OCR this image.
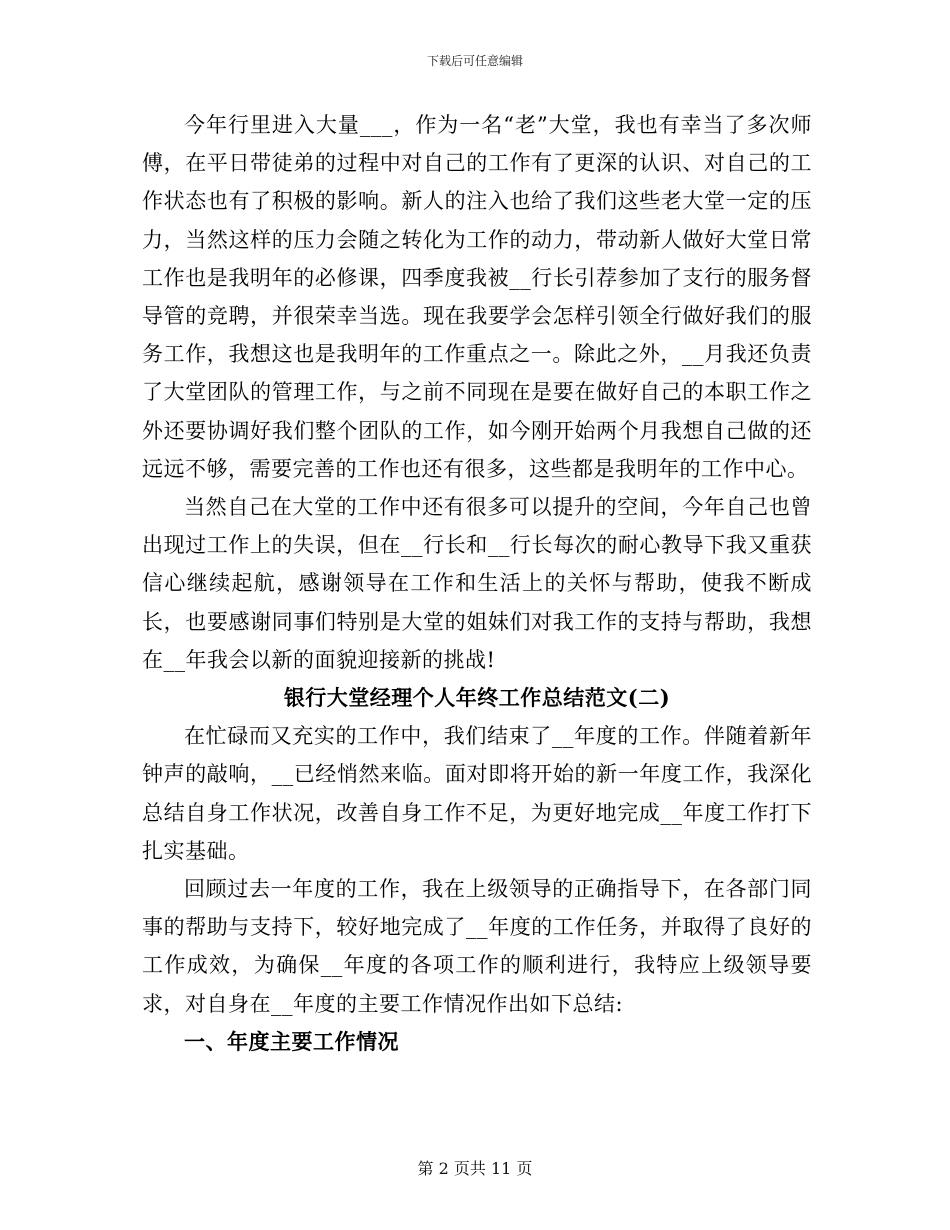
下载后可任意编辑

今年行里进入大量___，作为一名“老”大堂，我也有幸当了多次师傅，在平日带徒弟的过程中对自己的工作有了更深的认识、对自己的工作状态也有了积极的影响。新人的注入也给了我们这些老大堂一定的压力，当然这样的压力会随之转化为工作的动力，带动新人做好大堂日常工作也是我明年的必修课，四季度我被__行长引荐参加了支行的服务督导管的竞聘，并很荣幸当选。现在我要学会怎样引领全行做好我们的服务工作，我想这也是我明年的工作重点之一。除此之外，__月我还负责了大堂团队的管理工作，与之前不同现在是要在做好自己的本职工作之外还要协调好我们整个团队的工作，如今刚开始两个月我想自己做的还远远不够，需要完善的工作也还有很多，这些都是我明年的工作中心。

当然自己在大堂的工作中还有很多可以提升的空间，今年自己也曾出现过工作上的失误，但在__行长和__行长每次的耐心教导下我又重获信心继续起航，感谢领导在工作和生活上的关怀与帮助，使我不断成长，也要感谢同事们特别是大堂的姐妹们对我工作的支持与帮助，我想在__年我会以新的面貌迎接新的挑战!

银行大堂经理个人年终工作总结范文(二)

在忙碌而又充实的工作中，我们结束了__年度的工作。伴随着新年钟声的敲响，__已经悄然来临。面对即将开始的新一年度工作，我深化总结自身工作状况，改善自身工作不足，为更好地完成__年度工作打下扎实基础。

回顾过去一年度的工作，我在上级领导的正确指导下，在各部门同事的帮助与支持下，较好地完成了__年度的工作任务，并取得了良好的工作成效，为确保__年度的各项工作的顺利进行，我特应上级领导要求，对自身在__年度的主要工作情况作出如下总结:

一、年度主要工作情况

第 2 页共 11 页
